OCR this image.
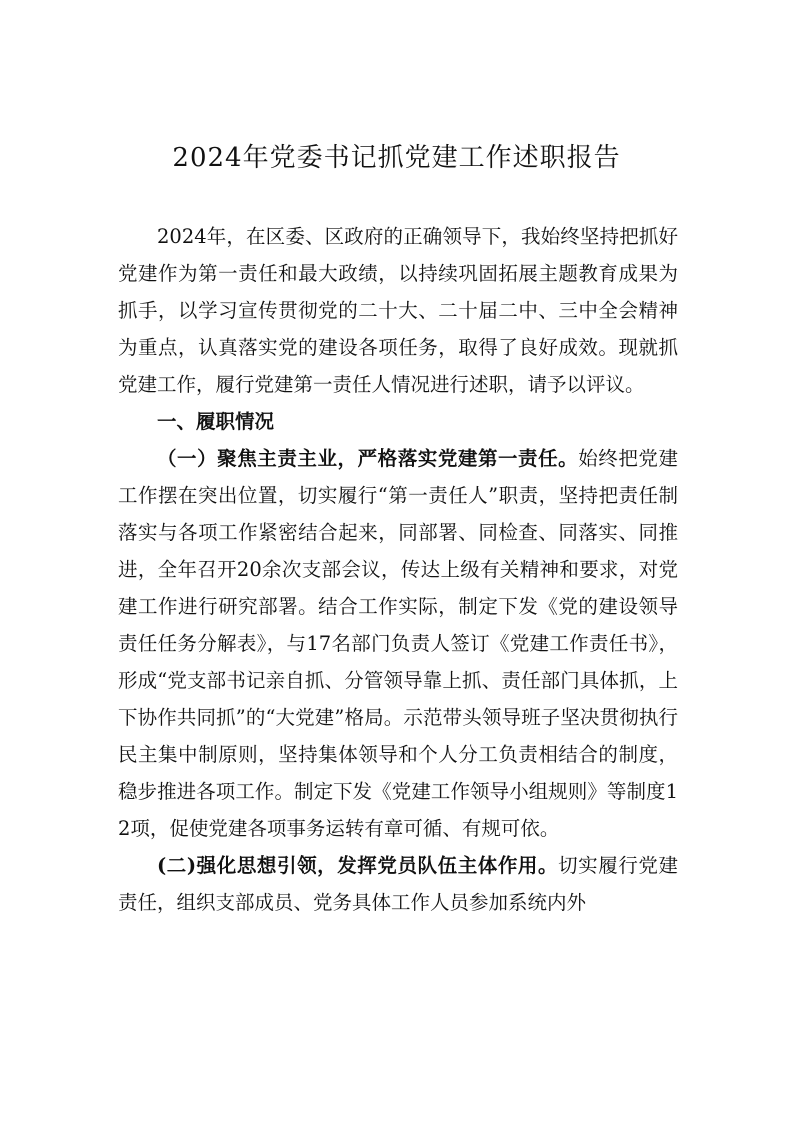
2024年党委书记抓党建工作述职报告

2024年，在区委、区政府的正确领导下，我始终坚持把抓好党建作为第一责任和最大政绩，以持续巩固拓展主题教育成果为抓手，以学习宣传贯彻党的二十大、二十届二中、三中全会精神为重点，认真落实党的建设各项任务，取得了良好成效。现就抓党建工作，履行党建第一责任人情况进行述职，请予以评议。

一、履职情况

（一）聚焦主责主业，严格落实党建第一责任。始终把党建工作摆在突出位置，切实履行“第一责任人”职责，坚持把责任制落实与各项工作紧密结合起来，同部署、同检查、同落实、同推进，全年召开20余次支部会议，传达上级有关精神和要求，对党建工作进行研究部署。结合工作实际，制定下发《党的建设领导责任任务分解表》，与17名部门负责人签订《党建工作责任书》，形成“党支部书记亲自抓、分管领导靠上抓、责任部门具体抓，上下协作共同抓”的“大党建”格局。示范带头领导班子坚决贯彻执行民主集中制原则，坚持集体领导和个人分工负责相结合的制度，稳步推进各项工作。制定下发《党建工作领导小组规则》等制度12项，促使党建各项事务运转有章可循、有规可依。

(二)强化思想引领，发挥党员队伍主体作用。切实履行党建责任，组织支部成员、党务具体工作人员参加系统内外
